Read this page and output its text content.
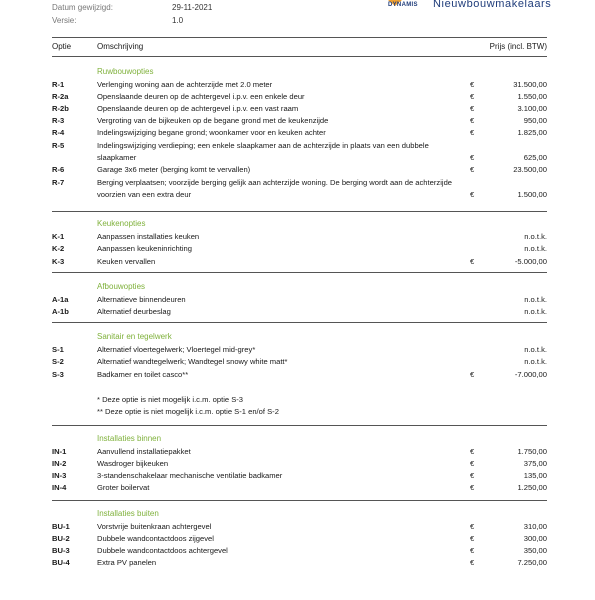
Datum gewijzigd:	29-11-2021
Versie:	1.0
DYNAMIS Nieuwbouwmakelaars
Optie	Omschrijving	Prijs (incl. BTW)
Ruwbouwopties
R-1	Verlenging woning aan de achterzijde met 2.0 meter	€	31.500,00
R-2a	Openslaande deuren op de achtergevel i.p.v. een enkele deur	€	1.550,00
R-2b	Openslaande deuren op de achtergevel i.p.v. een vast raam	€	3.100,00
R-3	Vergroting van de bijkeuken op de begane grond met de keukenzijde	€	950,00
R-4	Indelingswijziging begane grond; woonkamer voor en keuken achter	€	1.825,00
R-5	Indelingswijziging verdieping; een enkele slaapkamer aan de achterzijde in plaats van een dubbele slaapkamer	€	625,00
R-6	Garage 3x6 meter (berging komt te vervallen)	€	23.500,00
R-7	Berging verplaatsen; voorzijde berging gelijk aan achterzijde woning. De berging wordt aan de achterzijde voorzien van een extra deur	€	1.500,00
Keukenopties
K-1	Aanpassen installaties keuken	n.o.t.k.
K-2	Aanpassen keukeninrichting	n.o.t.k.
K-3	Keuken vervallen	€	-5.000,00
Afbouwopties
A-1a	Alternatieve binnendeuren	n.o.t.k.
A-1b	Alternatief deurbeslag	n.o.t.k.
Sanitair en tegelwerk
S-1	Alternatief vloertegelwerk; Vloertegel mid-grey*	n.o.t.k.
S-2	Alternatief wandtegelwerk; Wandtegel snowy white matt*	n.o.t.k.
S-3	Badkamer en toilet casco**	€	-7.000,00
* Deze optie is niet mogelijk i.c.m. optie S-3
** Deze optie is niet mogelijk i.c.m. optie S-1 en/of S-2
Installaties binnen
IN-1	Aanvullend installatiepakket	€	1.750,00
IN-2	Wasdroger bijkeuken	€	375,00
IN-3	3-standenschakelaar mechanische ventilatie badkamer	€	135,00
IN-4	Groter boilervat	€	1.250,00
Installaties buiten
BU-1	Vorstvrije buitenkraan achtergevel	€	310,00
BU-2	Dubbele wandcontactdoos zijgevel	€	300,00
BU-3	Dubbele wandcontactdoos achtergevel	€	350,00
BU-4	Extra PV panelen	€	7.250,00
